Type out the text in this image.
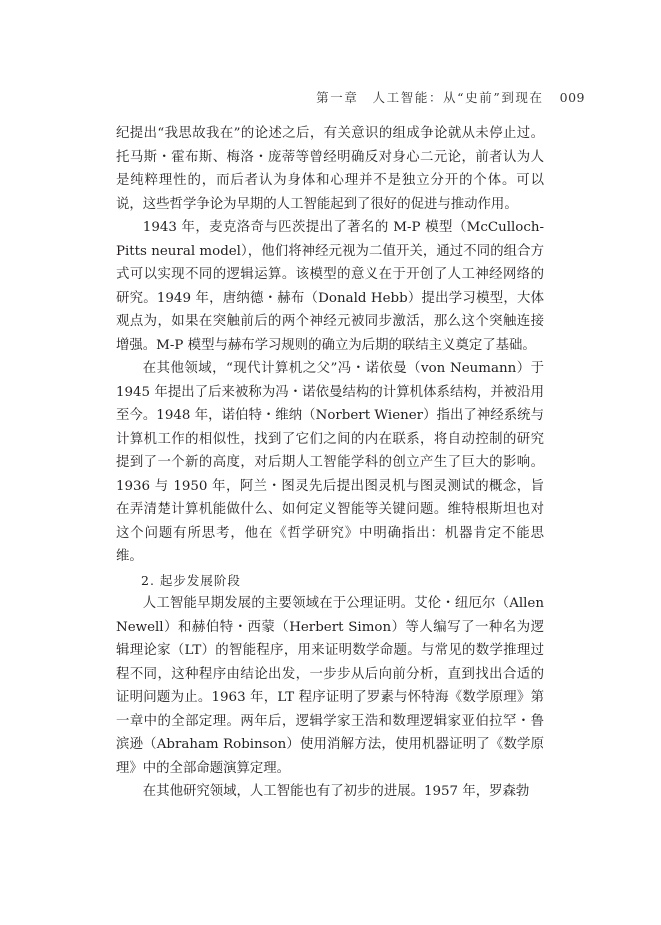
第一章　人工智能：从“史前”到现在 009

纪提出“我思故我在”的论述之后，有关意识的组成争论就从未停止过。托马斯・霍布斯、梅洛・庞蒂等曾经明确反对身心二元论，前者认为人是纯粹理性的，而后者认为身体和心理并不是独立分开的个体。可以说，这些哲学争论为早期的人工智能起到了很好的促进与推动作用。

1943 年，麦克洛奇与匹茨提出了著名的 M-P 模型（McCulloch-Pitts neural model），他们将神经元视为二值开关，通过不同的组合方式可以实现不同的逻辑运算。该模型的意义在于开创了人工神经网络的研究。1949 年，唐纳德・赫布（Donald Hebb）提出学习模型，大体观点为，如果在突触前后的两个神经元被同步激活，那么这个突触连接增强。M-P 模型与赫布学习规则的确立为后期的联结主义奠定了基础。

在其他领域，“现代计算机之父”冯・诺依曼（von Neumann）于 1945 年提出了后来被称为冯・诺依曼结构的计算机体系结构，并被沿用至今。1948 年，诺伯特・维纳（Norbert Wiener）指出了神经系统与计算机工作的相似性，找到了它们之间的内在联系，将自动控制的研究提到了一个新的高度，对后期人工智能学科的创立产生了巨大的影响。1936 与 1950 年，阿兰・图灵先后提出图灵机与图灵测试的概念，旨在弄清楚计算机能做什么、如何定义智能等关键问题。维特根斯坦也对这个问题有所思考，他在《哲学研究》中明确指出：机器肯定不能思维。

2. 起步发展阶段

人工智能早期发展的主要领域在于公理证明。艾伦・纽厄尔（Allen Newell）和赫伯特・西蒙（Herbert Simon）等人编写了一种名为逻辑理论家（LT）的智能程序，用来证明数学命题。与常见的数学推理过程不同，这种程序由结论出发，一步步从后向前分析，直到找出合适的证明问题为止。1963 年，LT 程序证明了罗素与怀特海《数学原理》第一章中的全部定理。两年后，逻辑学家王浩和数理逻辑家亚伯拉罕・鲁滨逊（Abraham Robinson）使用消解方法，使用机器证明了《数学原理》中的全部命题演算定理。

在其他研究领域，人工智能也有了初步的进展。1957 年，罗森勃
